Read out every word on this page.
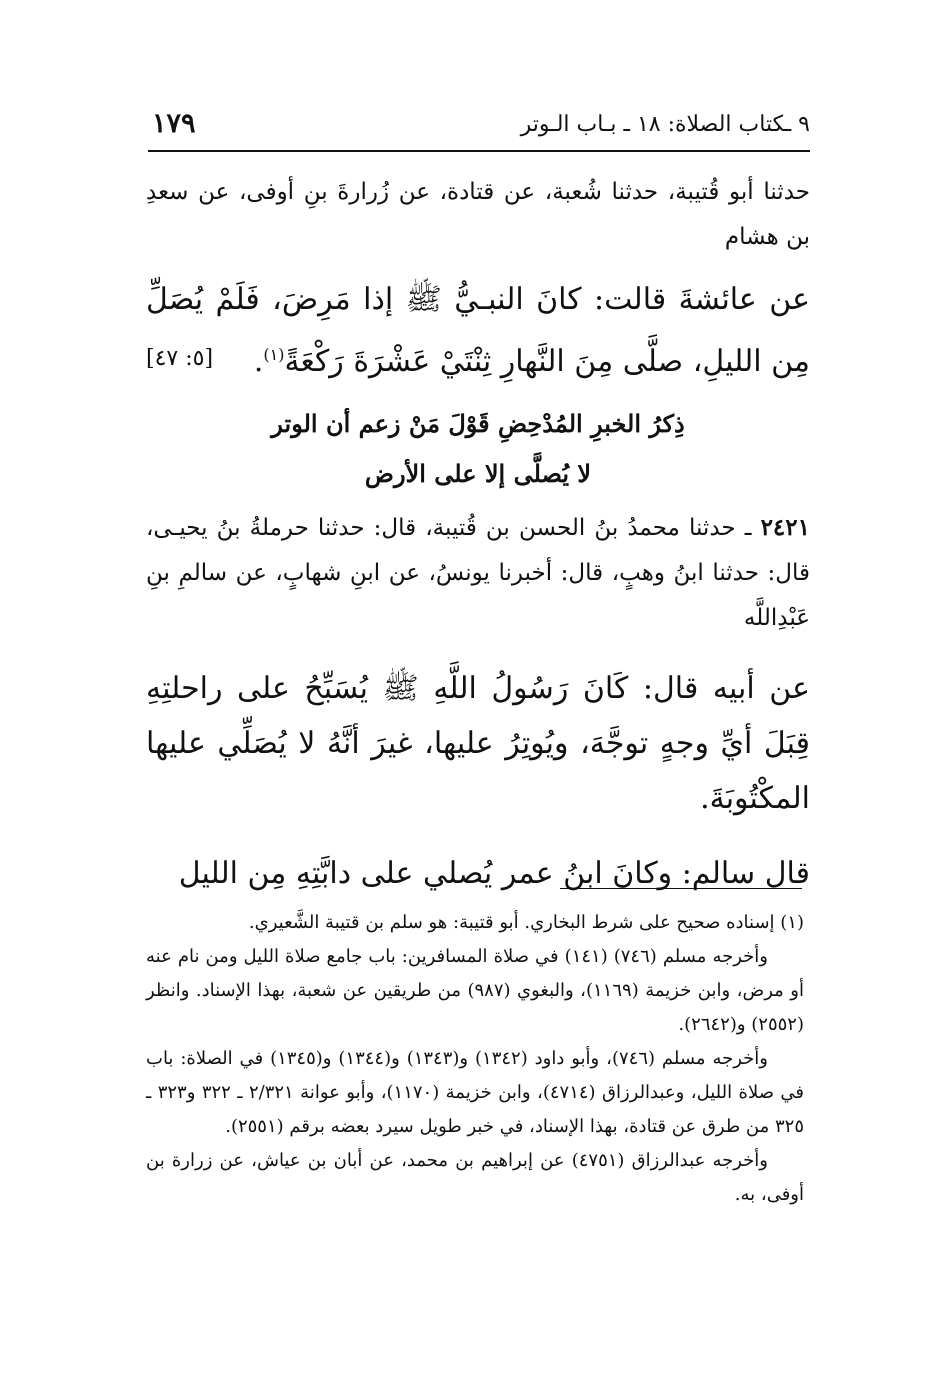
٩ ـكتاب الصلاة: ١٨ ـ بـاب الـوتر
١٧٩

حدثنا أبو قُتيبة، حدثنا شُعبة، عن قتادة، عن زُرارةَ بنِ أوفى، عن سعدِ بن هشام

عن عائشةَ قالت: كانَ النبـيُّ ﷺ إذا مَرِضَ، فَلَمْ يُصَلِّ مِن الليلِ، صلَّى مِنَ النَّهارِ ثِنْتَيْ عَشْرَةَ رَكْعَةً$^{(١)}$.
[٥: ٤٧]

ذِكرُ الخبرِ المُدْحِضِ قَوْلَ مَنْ زعم أن الوتر
لا يُصلَّى إلا على الأرض

٢٤٢١ ـ حدثنا محمدُ بنُ الحسن بن قُتيبة، قال: حدثنا حرملةُ بنُ يحيـى، قال: حدثنا ابنُ وهبٍ، قال: أخبرنا يونسُ، عن ابنِ شهابٍ، عن سالمِ بنِ عَبْدِاللَّه

عن أبيه قال: كَانَ رَسُولُ اللَّهِ ﷺ يُسَبِّحُ على راحلتِهِ قِبَلَ أيِّ وجهٍ توجَّهَ، ويُوتِرُ عليها، غيرَ أنَّهُ لا يُصَلِّي عليها المكْتُوبَةَ.

قال سالم: وكانَ ابنُ عمر يُصلي على دابَّتِهِ مِن الليل

(١) إسناده صحيح على شرط البخاري. أبو قتيبة: هو سلم بن قتيبة الشَّعيري.

وأخرجه مسلم (٧٤٦) (١٤١) في صلاة المسافرين: باب جامع صلاة الليل ومن نام عنه أو مرض، وابن خزيمة (١١٦٩)، والبغوي (٩٨٧) من طريقين عن شعبة، بهذا الإسناد. وانظر (٢٥٥٢) و(٢٦٤٢).

وأخرجه مسلم (٧٤٦)، وأبو داود (١٣٤٢) و(١٣٤٣) و(١٣٤٤) و(١٣٤٥) في الصلاة: باب في صلاة الليل، وعبدالرزاق (٤٧١٤)، وابن خزيمة (١١٧٠)، وأبو عوانة ٢/٣٢١ ـ ٣٢٢ و٣٢٣ ـ ٣٢٥ من طرق عن قتادة، بهذا الإسناد، في خبر طويل سيرد بعضه برقم (٢٥٥١).

وأخرجه عبدالرزاق (٤٧٥١) عن إبراهيم بن محمد، عن أبان بن عياش، عن زرارة بن أوفى، به.
